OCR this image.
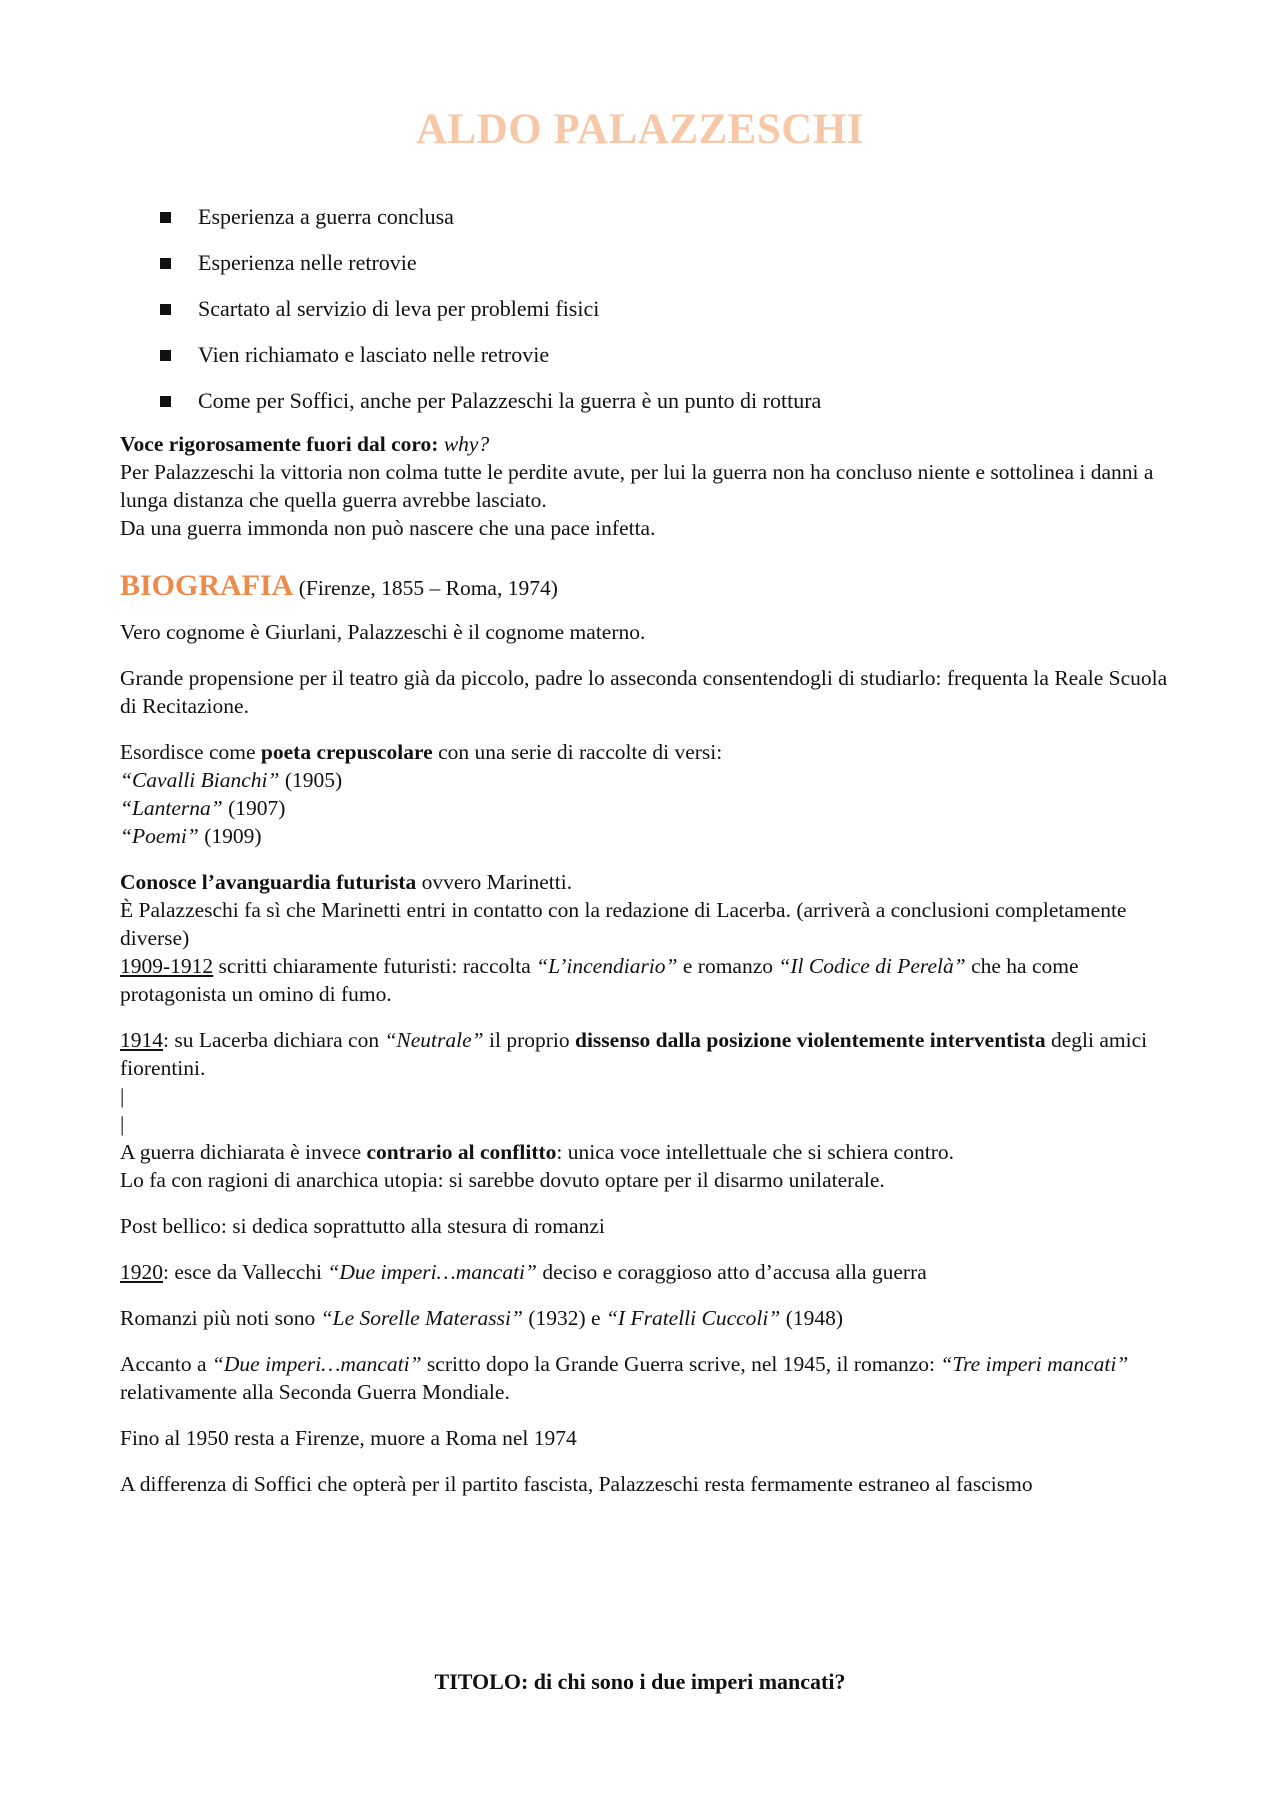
ALDO PALAZZESCHI
Esperienza a guerra conclusa
Esperienza nelle retrovie
Scartato al servizio di leva per problemi fisici
Vien richiamato e lasciato nelle retrovie
Come per Soffici, anche per Palazzeschi la guerra è un punto di rottura

Voce rigorosamente fuori dal coro: why?
Per Palazzeschi la vittoria non colma tutte le perdite avute, per lui la guerra non ha concluso niente e sottolinea i danni a lunga distanza che quella guerra avrebbe lasciato.
Da una guerra immonda non può nascere che una pace infetta.

BIOGRAFIA (Firenze, 1855 – Roma, 1974)

Vero cognome è Giurlani, Palazzeschi è il cognome materno.

Grande propensione per il teatro già da piccolo, padre lo asseconda consentendogli di studiarlo: frequenta la Reale Scuola di Recitazione.

Esordisce come poeta crepuscolare con una serie di raccolte di versi:
“Cavalli Bianchi” (1905)
“Lanterna” (1907)
“Poemi” (1909)

Conosce l’avanguardia futurista ovvero Marinetti.
È Palazzeschi fa sì che Marinetti entri in contatto con la redazione di Lacerba. (arriverà a conclusioni completamente diverse)
1909-1912 scritti chiaramente futuristi: raccolta “L’incendiario” e romanzo “Il Codice di Perelà” che ha come protagonista un omino di fumo.

1914: su Lacerba dichiara con “Neutrale” il proprio dissenso dalla posizione violentemente interventista degli amici fiorentini.
|
|
A guerra dichiarata è invece contrario al conflitto: unica voce intellettuale che si schiera contro.
Lo fa con ragioni di anarchica utopia: si sarebbe dovuto optare per il disarmo unilaterale.

Post bellico: si dedica soprattutto alla stesura di romanzi

1920: esce da Vallecchi “Due imperi…mancati” deciso e coraggioso atto d’accusa alla guerra

Romanzi più noti sono “Le Sorelle Materassi” (1932) e “I Fratelli Cuccoli” (1948)

Accanto a “Due imperi…mancati” scritto dopo la Grande Guerra scrive, nel 1945, il romanzo: “Tre imperi mancati” relativamente alla Seconda Guerra Mondiale.

Fino al 1950 resta a Firenze, muore a Roma nel 1974

A differenza di Soffici che opterà per il partito fascista, Palazzeschi resta fermamente estraneo al fascismo

TITOLO: di chi sono i due imperi mancati?
